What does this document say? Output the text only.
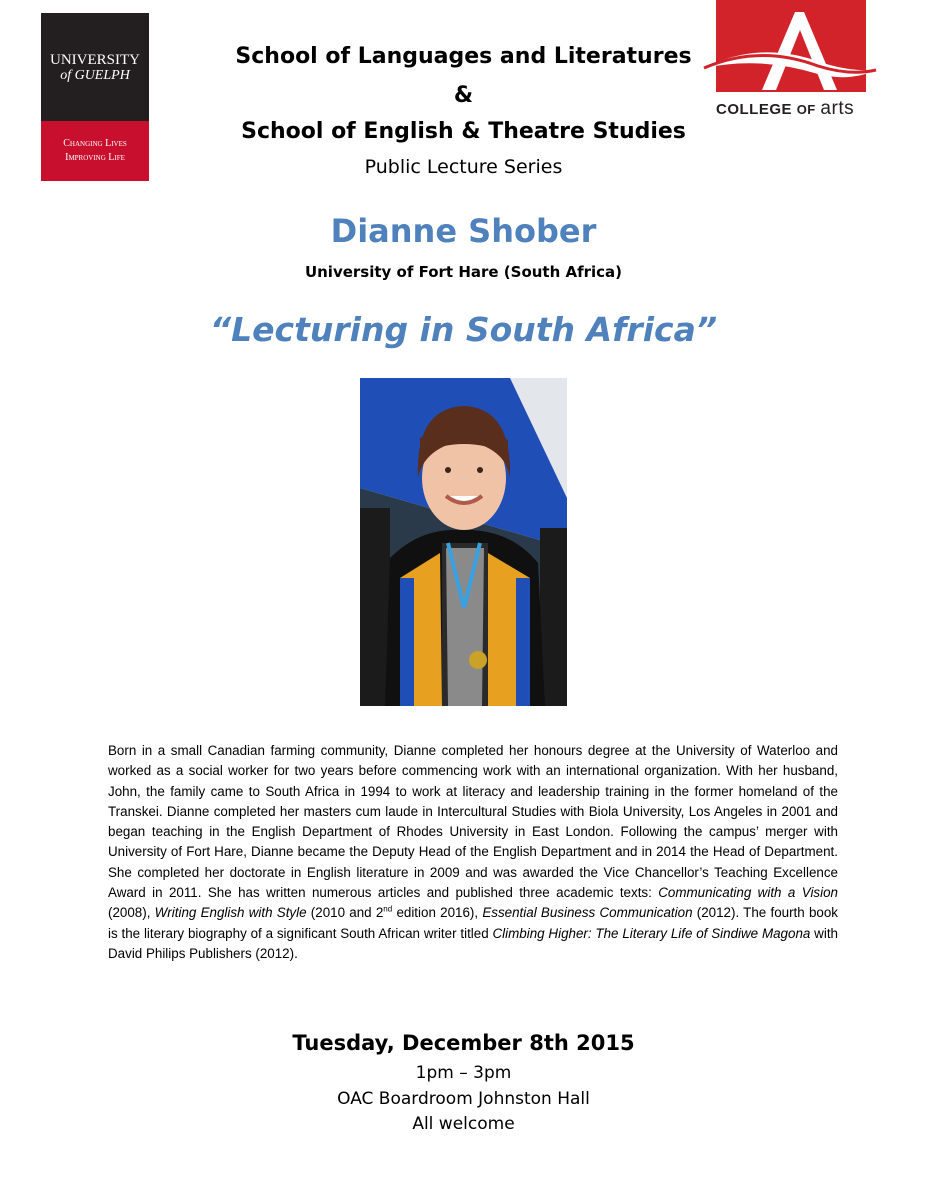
UNIVERSITY
of GUELPH
Changing Lives
Improving Life
COLLEGE OF arts
School of Languages and Literatures
&
School of English & Theatre Studies
Public Lecture Series
Dianne Shober
University of Fort Hare (South Africa)
“Lecturing in South Africa”
Born in a small Canadian farming community, Dianne completed her honours degree at the University of Waterloo and worked as a social worker for two years before commencing work with an international organization. With her husband, John, the family came to South Africa in 1994 to work at literacy and leadership training in the former homeland of the Transkei. Dianne completed her masters cum laude in Intercultural Studies with Biola University, Los Angeles in 2001 and began teaching in the English Department of Rhodes University in East London. Following the campus’ merger with University of Fort Hare, Dianne became the Deputy Head of the English Department and in 2014 the Head of Department. She completed her doctorate in English literature in 2009 and was awarded the Vice Chancellor’s Teaching Excellence Award in 2011. She has written numerous articles and published three academic texts: Communicating with a Vision (2008), Writing English with Style (2010 and 2nd edition 2016), Essential Business Communication (2012). The fourth book is the literary biography of a significant South African writer titled Climbing Higher: The Literary Life of Sindiwe Magona with David Philips Publishers (2012).
Tuesday, December 8th 2015
1pm – 3pm
OAC Boardroom Johnston Hall
All welcome
